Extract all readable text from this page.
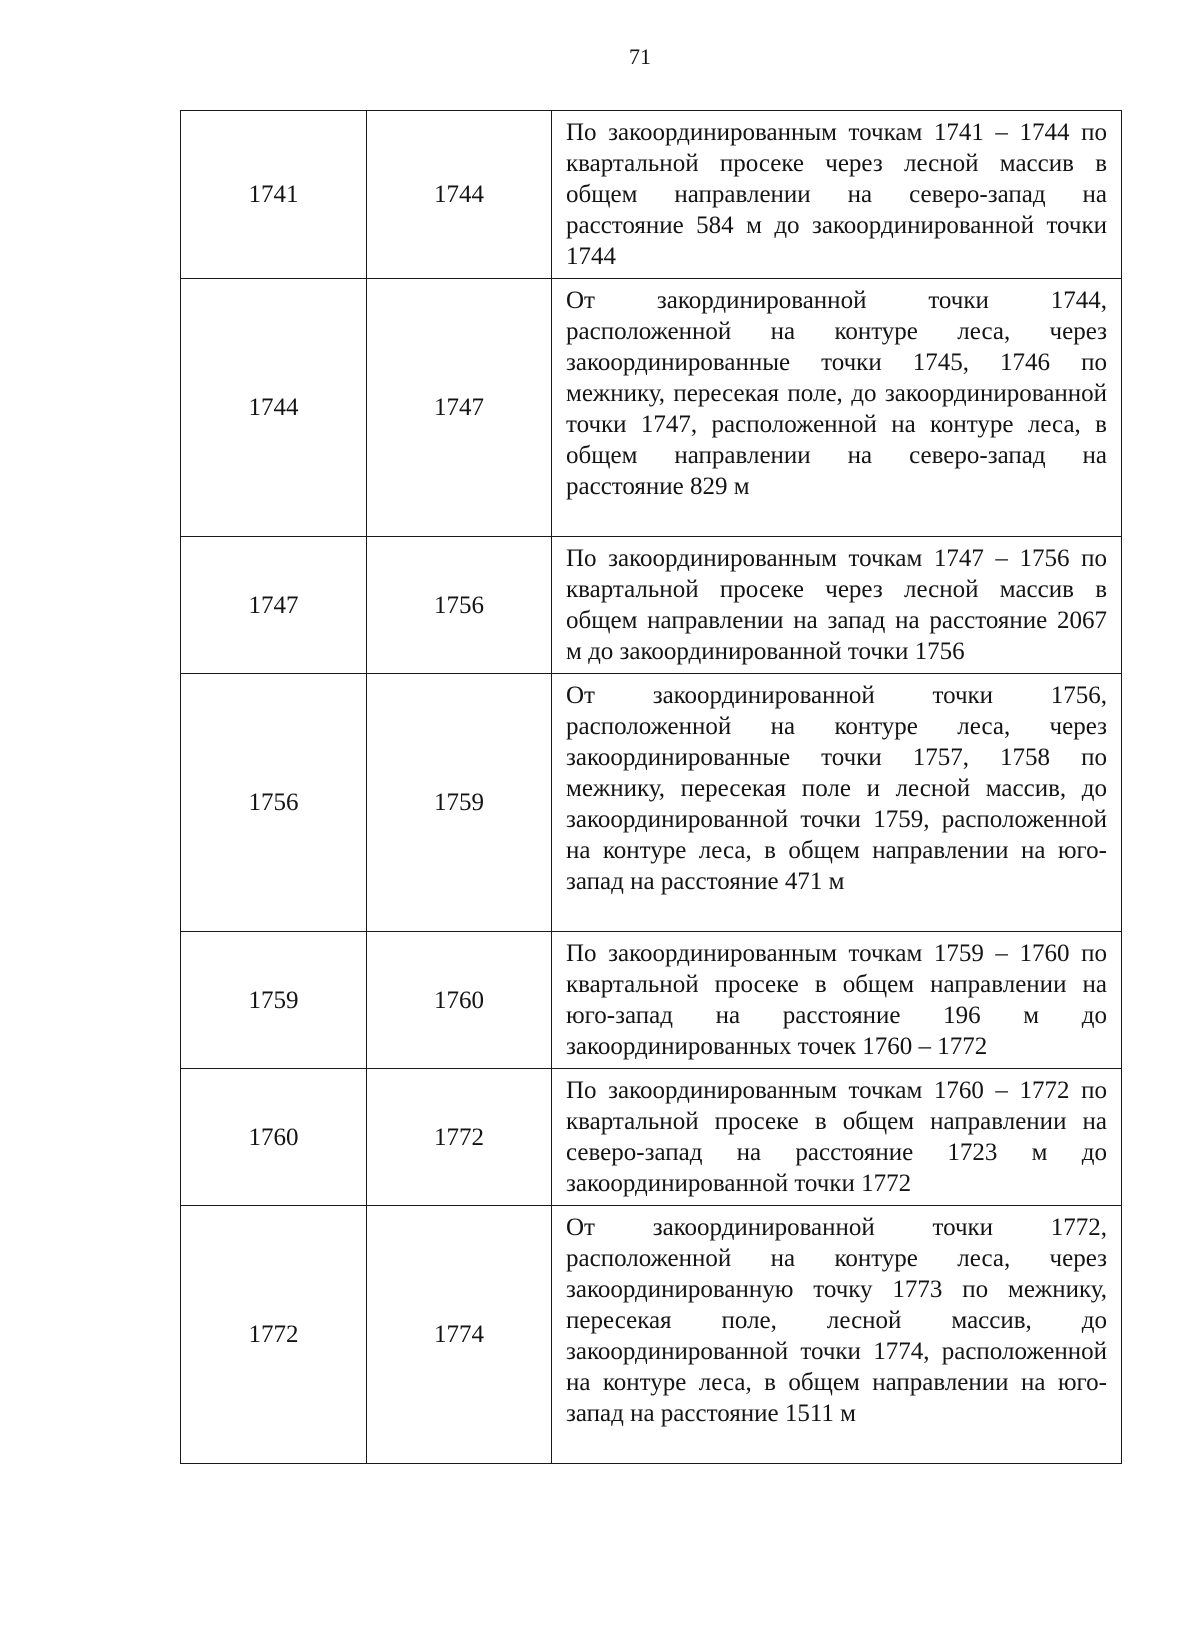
71
1741	1744	По закоординированным точкам 1741 – 1744 по квартальной просеке через лесной массив в общем направлении на северо-запад на расстояние 584 м до закоординированной точки 1744
1744	1747	От закординированной точки 1744, расположенной на контуре леса, через закоординированные точки 1745, 1746 по межнику, пересекая поле, до закоординированной точки 1747, расположенной на контуре леса, в общем направлении на северо-запад на расстояние 829 м
1747	1756	По закоординированным точкам 1747 – 1756 по квартальной просеке через лесной массив в общем направлении на запад на расстояние 2067 м до закоординированной точки 1756
1756	1759	От закоординированной точки 1756, расположенной на контуре леса, через закоординированные точки 1757, 1758 по межнику, пересекая поле и лесной массив, до закоординированной точки 1759, расположенной на контуре леса, в общем направлении на юго-запад на расстояние 471 м
1759	1760	По закоординированным точкам 1759 – 1760 по квартальной просеке в общем направлении на юго-запад на расстояние 196 м до закоординированных точек 1760 – 1772
1760	1772	По закоординированным точкам 1760 – 1772 по квартальной просеке в общем направлении на северо-запад на расстояние 1723 м до закоординированной точки 1772
1772	1774	От закоординированной точки 1772, расположенной на контуре леса, через закоординированную точку 1773 по межнику, пересекая поле, лесной массив, до закоординированной точки 1774, расположенной на контуре леса, в общем направлении на юго-запад на расстояние 1511 м
